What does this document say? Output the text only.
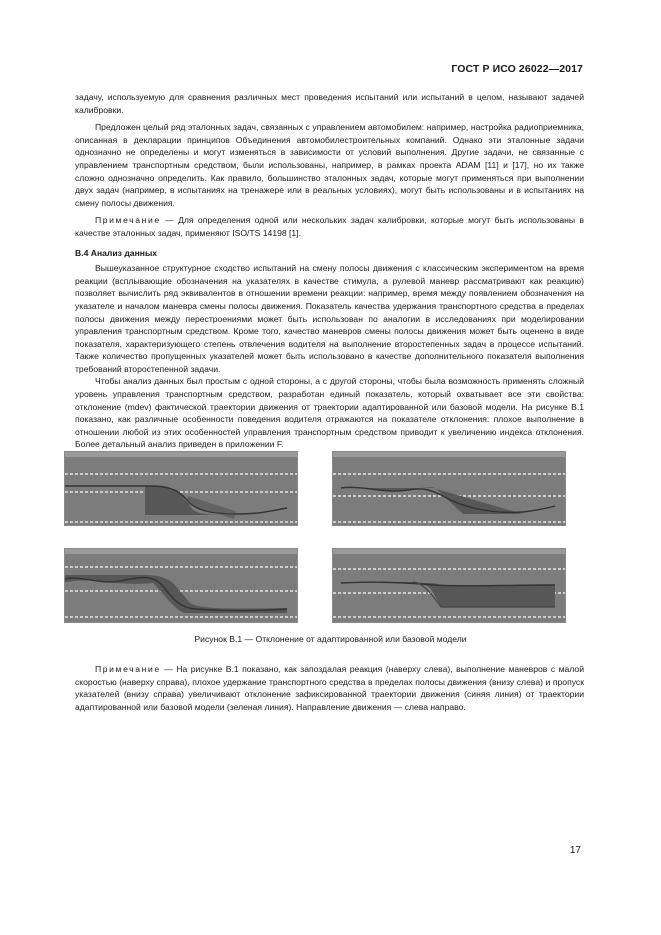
ГОСТ Р ИСО 26022—2017

задачу, используемую для сравнения различных мест проведения испытаний или испытаний в целом, называют задачей калибровки.

Предложен целый ряд эталонных задач, связанных с управлением автомобилем: например, настройка радиоприемника, описанная в декларации принципов Объединения автомобилестроительных компаний. Однако эти эталонные задачи однозначно не определены и могут изменяться в зависимости от условий выполнения. Другие задачи, не связанные с управлением транспортным средством, были использованы, например, в рамках проекта ADAM [11] и [17], но их также сложно однозначно определить. Как правило, большинство эталонных задач, которые могут применяться при выполнении двух задач (например, в испытаниях на тренажере или в реальных условиях), могут быть использованы и в испытаниях на смену полосы движения.

Примечание — Для определения одной или нескольких задач калибровки, которые могут быть использованы в качестве эталонных задач, применяют ISO/TS 14198 [1].

B.4 Анализ данных

Вышеуказанное структурное сходство испытаний на смену полосы движения с классическим экспериментом на время реакции (всплывающие обозначения на указателях в качестве стимула, а рулевой маневр рассматривают как реакцию) позволяет вычислить ряд эквивалентов в отношении времени реакции: например, время между появлением обозначения на указателе и началом маневра смены полосы движения. Показатель качества удержания транспортного средства в пределах полосы движения между перестроениями может быть использован по аналогии в исследованиях при моделировании управления транспортным средством. Кроме того, качество маневров смены полосы движения может быть оценено в виде показателя, характеризующего степень отвлечения водителя на выполнение второстепенных задач в процессе испытаний. Также количество пропущенных указателей может быть использовано в качестве дополнительного показателя выполнения требований второстепенной задачи.

Чтобы анализ данных был простым с одной стороны, а с другой стороны, чтобы была возможность применять сложный уровень управления транспортным средством, разработан единый показатель, который охватывает все эти свойства: отклонение (mdev) фактической траектории движения от траектории адаптированной или базовой модели. На рисунке B.1 показано, как различные особенности поведения водителя отражаются на показателе отклонения: плохое выполнение в отношении любой из этих особенностей управления транспортным средством приводит к увеличению индекса отклонения. Более детальный анализ приведен в приложении F.

Рисунок B.1 — Отклонение от адаптированной или базовой модели

Примечание — На рисунке B.1 показано, как запоздалая реакция (наверху слева), выполнение маневров с малой скоростью (наверху справа), плохое удержание транспортного средства в пределах полосы движения (внизу слева) и пропуск указателей (внизу справа) увеличивают отклонение зафиксированной траектории движения (синяя линия) от траектории адаптированной или базовой модели (зеленая линия). Направление движения — слева направо.

17
